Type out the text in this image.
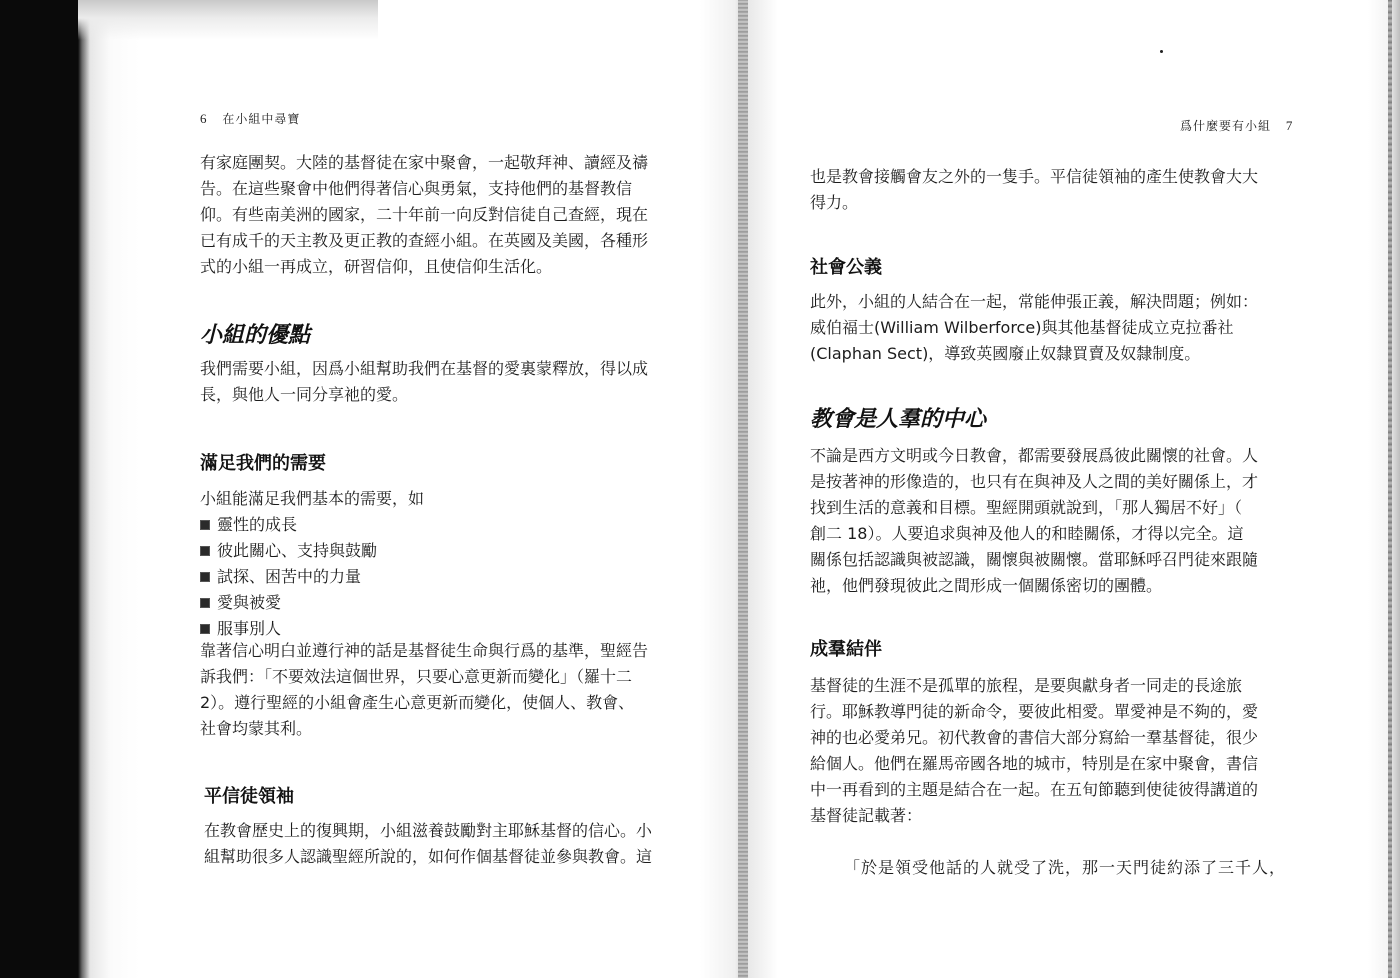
6 在小組中尋寶

有家庭團契。大陸的基督徒在家中聚會，一起敬拜神、讀經及禱
告。在這些聚會中他們得著信心與勇氣，支持他們的基督教信
仰。有些南美洲的國家，二十年前一向反對信徒自己查經，現在
已有成千的天主教及更正教的查經小組。在英國及美國，各種形
式的小組一再成立，研習信仰，且使信仰生活化。

小組的優點

我們需要小組，因爲小組幫助我們在基督的愛裏蒙釋放，得以成
長，與他人一同分享祂的愛。

滿足我們的需要

小組能滿足我們基本的需要，如

靈性的成長
彼此關心、支持與鼓勵
試探、困苦中的力量
愛與被愛
服事別人

靠著信心明白並遵行神的話是基督徒生命與行爲的基準，聖經告
訴我們：「不要效法這個世界，只要心意更新而變化」（羅十二
2）。遵行聖經的小組會產生心意更新而變化，使個人、教會、
社會均蒙其利。

平信徒領袖

在教會歷史上的復興期，小組滋養鼓勵對主耶穌基督的信心。小
組幫助很多人認識聖經所說的，如何作個基督徒並參與教會。這

爲什麼要有小組 7

也是教會接觸會友之外的一隻手。平信徒領袖的產生使教會大大
得力。

社會公義

此外，小組的人結合在一起，常能伸張正義，解決問題；例如：
威伯福士(William Wilberforce)與其他基督徒成立克拉番社
(Claphan Sect)，導致英國廢止奴隸買賣及奴隸制度。

教會是人羣的中心

不論是西方文明或今日教會，都需要發展爲彼此關懷的社會。人
是按著神的形像造的，也只有在與神及人之間的美好關係上，才
找到生活的意義和目標。聖經開頭就說到，「那人獨居不好」（
創二 18）。人要追求與神及他人的和睦關係，才得以完全。這
關係包括認識與被認識，關懷與被關懷。當耶穌呼召門徒來跟隨
祂，他們發現彼此之間形成一個關係密切的團體。

成羣結伴

基督徒的生涯不是孤單的旅程，是要與獻身者一同走的長途旅
行。耶穌教導門徒的新命令，要彼此相愛。單愛神是不夠的，愛
神的也必愛弟兄。初代教會的書信大部分寫給一羣基督徒，很少
給個人。他們在羅馬帝國各地的城市，特別是在家中聚會，書信
中一再看到的主題是結合在一起。在五旬節聽到使徒彼得講道的
基督徒記載著：

「於是領受他話的人就受了洗，那一天門徒約添了三千人，
